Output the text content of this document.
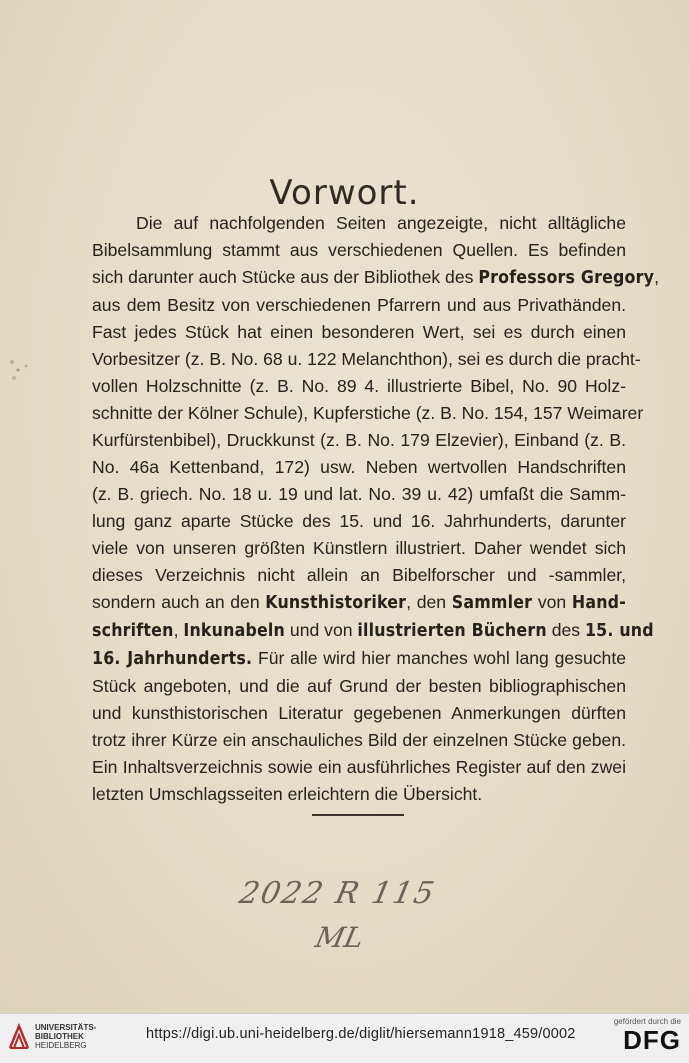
Vorwort.
Die auf nachfolgenden Seiten angezeigte, nicht alltägliche
Bibelsammlung stammt aus verschiedenen Quellen. Es befinden
sich darunter auch Stücke aus der Bibliothek des Professors Gregory,
aus dem Besitz von verschiedenen Pfarrern und aus Privathänden.
Fast jedes Stück hat einen besonderen Wert, sei es durch einen
Vorbesitzer (z. B. No. 68 u. 122 Melanchthon), sei es durch die pracht-
vollen Holzschnitte (z. B. No. 89 4. illustrierte Bibel, No. 90 Holz-
schnitte der Kölner Schule), Kupferstiche (z. B. No. 154, 157 Weimarer
Kurfürstenbibel), Druckkunst (z. B. No. 179 Elzevier), Einband (z. B.
No. 46a Kettenband, 172) usw. Neben wertvollen Handschriften
(z. B. griech. No. 18 u. 19 und lat. No. 39 u. 42) umfaßt die Samm-
lung ganz aparte Stücke des 15. und 16. Jahrhunderts, darunter
viele von unseren größten Künstlern illustriert. Daher wendet sich
dieses Verzeichnis nicht allein an Bibelforscher und -sammler,
sondern auch an den Kunsthistoriker, den Sammler von Hand-
schriften, Inkunabeln und von illustrierten Büchern des 15. und
16. Jahrhunderts. Für alle wird hier manches wohl lang gesuchte
Stück angeboten, und die auf Grund der besten bibliographischen
und kunsthistorischen Literatur gegebenen Anmerkungen dürften
trotz ihrer Kürze ein anschauliches Bild der einzelnen Stücke geben.
Ein Inhaltsverzeichnis sowie ein ausführliches Register auf den zwei
letzten Umschlagsseiten erleichtern die Übersicht.
2022 R 115
ML
UNIVERSITÄTS-
BIBLIOTHEK
HEIDELBERG
https://digi.ub.uni-heidelberg.de/diglit/hiersemann1918_459/0002
gefördert durch die
DFG
